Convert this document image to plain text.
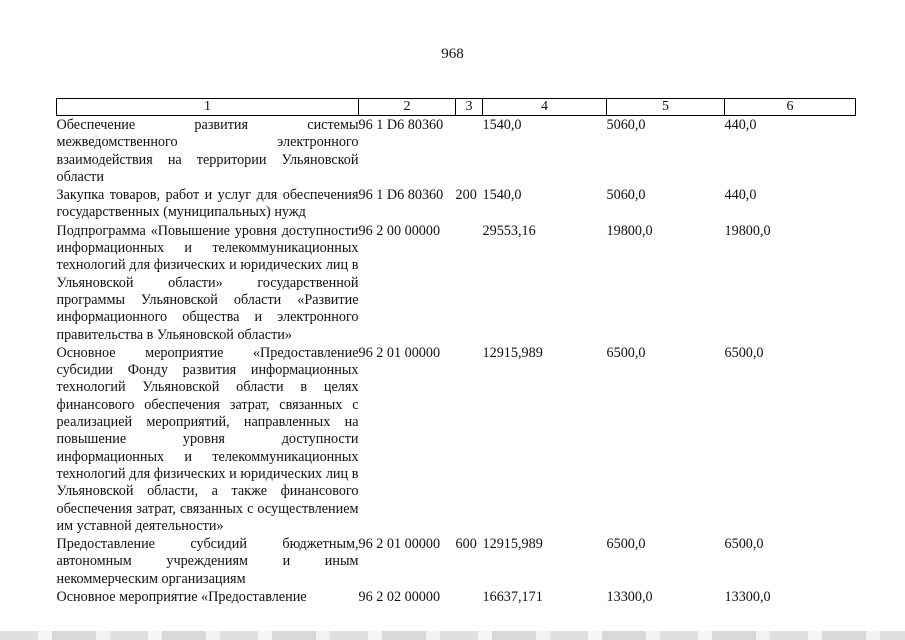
968
1	2	3	4	5	6
Обеспечение развития системы межведомственного электронного взаимодействия на территории Ульяновской области	96 1 D6 80360		1540,0	5060,0	440,0
Закупка товаров, работ и услуг для обеспечения государственных (муниципальных) нужд	96 1 D6 80360	200	1540,0	5060,0	440,0
Подпрограмма «Повышение уровня доступности информационных и телекоммуникационных технологий для физических и юридических лиц в Ульяновской области» государственной программы Ульяновской области «Развитие информационного общества и электронного правительства в Ульяновской области»	96 2 00 00000		29553,16	19800,0	19800,0
Основное мероприятие «Предоставление субсидии Фонду развития информационных технологий Ульяновской области в целях финансового обеспечения затрат, связанных с реализацией мероприятий, направленных на повышение уровня доступности информационных и телекоммуникационных технологий для физических и юридических лиц в Ульяновской области, а также финансового обеспечения затрат, связанных с осуществлением им уставной деятельности»	96 2 01 00000		12915,989	6500,0	6500,0
Предоставление субсидий бюджетным, автономным учреждениям и иным некоммерческим организациям	96 2 01 00000	600	12915,989	6500,0	6500,0
Основное мероприятие «Предоставление	96 2 02 00000		16637,171	13300,0	13300,0
